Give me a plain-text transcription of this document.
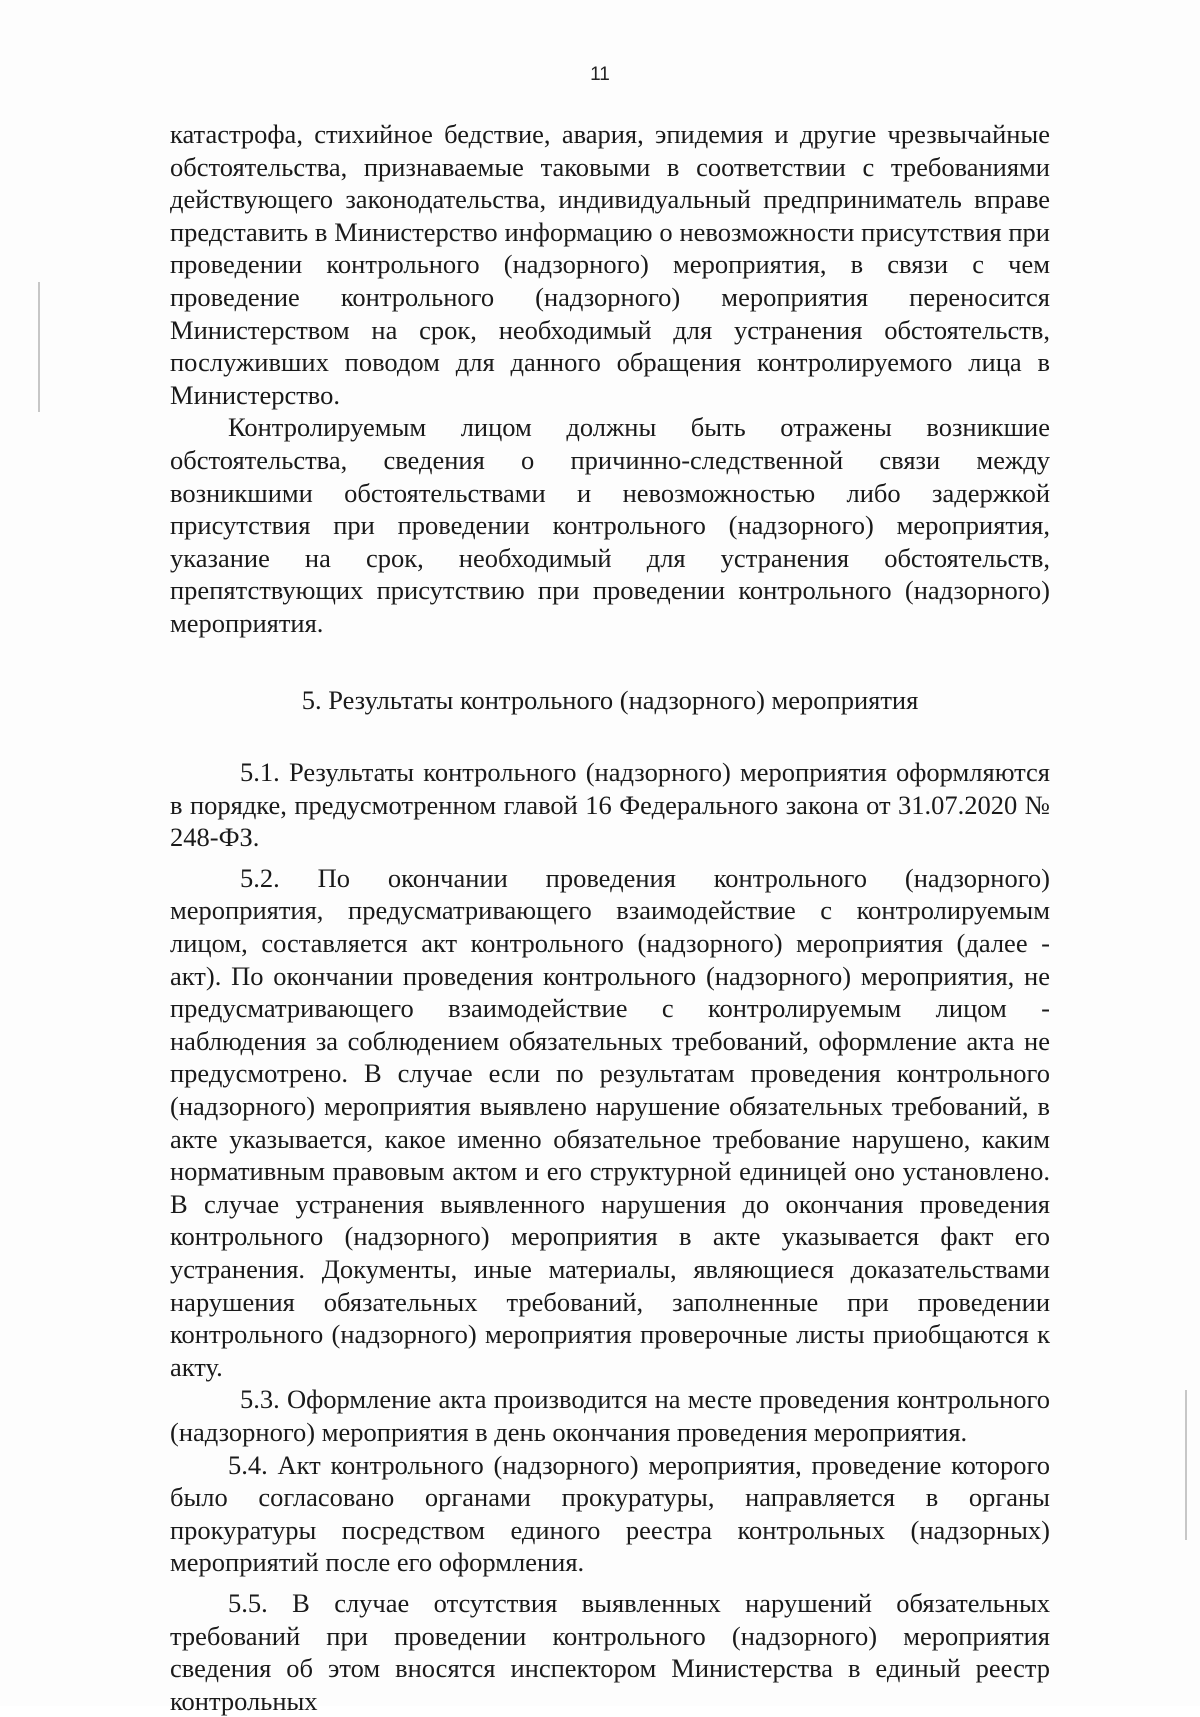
11

катастрофа, стихийное бедствие, авария, эпидемия и другие чрезвычайные обстоятельства, признаваемые таковыми в соответствии с требованиями действующего законодательства, индивидуальный предприниматель вправе представить в Министерство информацию о невозможности присутствия при проведении контрольного (надзорного) мероприятия, в связи с чем проведение контрольного (надзорного) мероприятия переносится Министерством на срок, необходимый для устранения обстоятельств, послуживших поводом для данного обращения контролируемого лица в Министерство.

Контролируемым лицом должны быть отражены возникшие обстоятельства, сведения о причинно-следственной связи между возникшими обстоятельствами и невозможностью либо задержкой присутствия при проведении контрольного (надзорного) мероприятия, указание на срок, необходимый для устранения обстоятельств, препятствующих присутствию при проведении контрольного (надзорного) мероприятия.

5. Результаты контрольного (надзорного) мероприятия

5.1. Результаты контрольного (надзорного) мероприятия оформляются в порядке, предусмотренном главой 16 Федерального закона от 31.07.2020 № 248-ФЗ.

5.2. По окончании проведения контрольного (надзорного) мероприятия, предусматривающего взаимодействие с контролируемым лицом, составляется акт контрольного (надзорного) мероприятия (далее - акт). По окончании проведения контрольного (надзорного) мероприятия, не предусматривающего взаимодействие с контролируемым лицом - наблюдения за соблюдением обязательных требований, оформление акта не предусмотрено. В случае если по результатам проведения контрольного (надзорного) мероприятия выявлено нарушение обязательных требований, в акте указывается, какое именно обязательное требование нарушено, каким нормативным правовым актом и его структурной единицей оно установлено. В случае устранения выявленного нарушения до окончания проведения контрольного (надзорного) мероприятия в акте указывается факт его устранения. Документы, иные материалы, являющиеся доказательствами нарушения обязательных требований, заполненные при проведении контрольного (надзорного) мероприятия проверочные листы приобщаются к акту.

5.3. Оформление акта производится на месте проведения контрольного (надзорного) мероприятия в день окончания проведения мероприятия.

5.4. Акт контрольного (надзорного) мероприятия, проведение которого было согласовано органами прокуратуры, направляется в органы прокуратуры посредством единого реестра контрольных (надзорных) мероприятий после его оформления.

5.5. В случае отсутствия выявленных нарушений обязательных требований при проведении контрольного (надзорного) мероприятия сведения об этом вносятся инспектором Министерства в единый реестр контрольных
